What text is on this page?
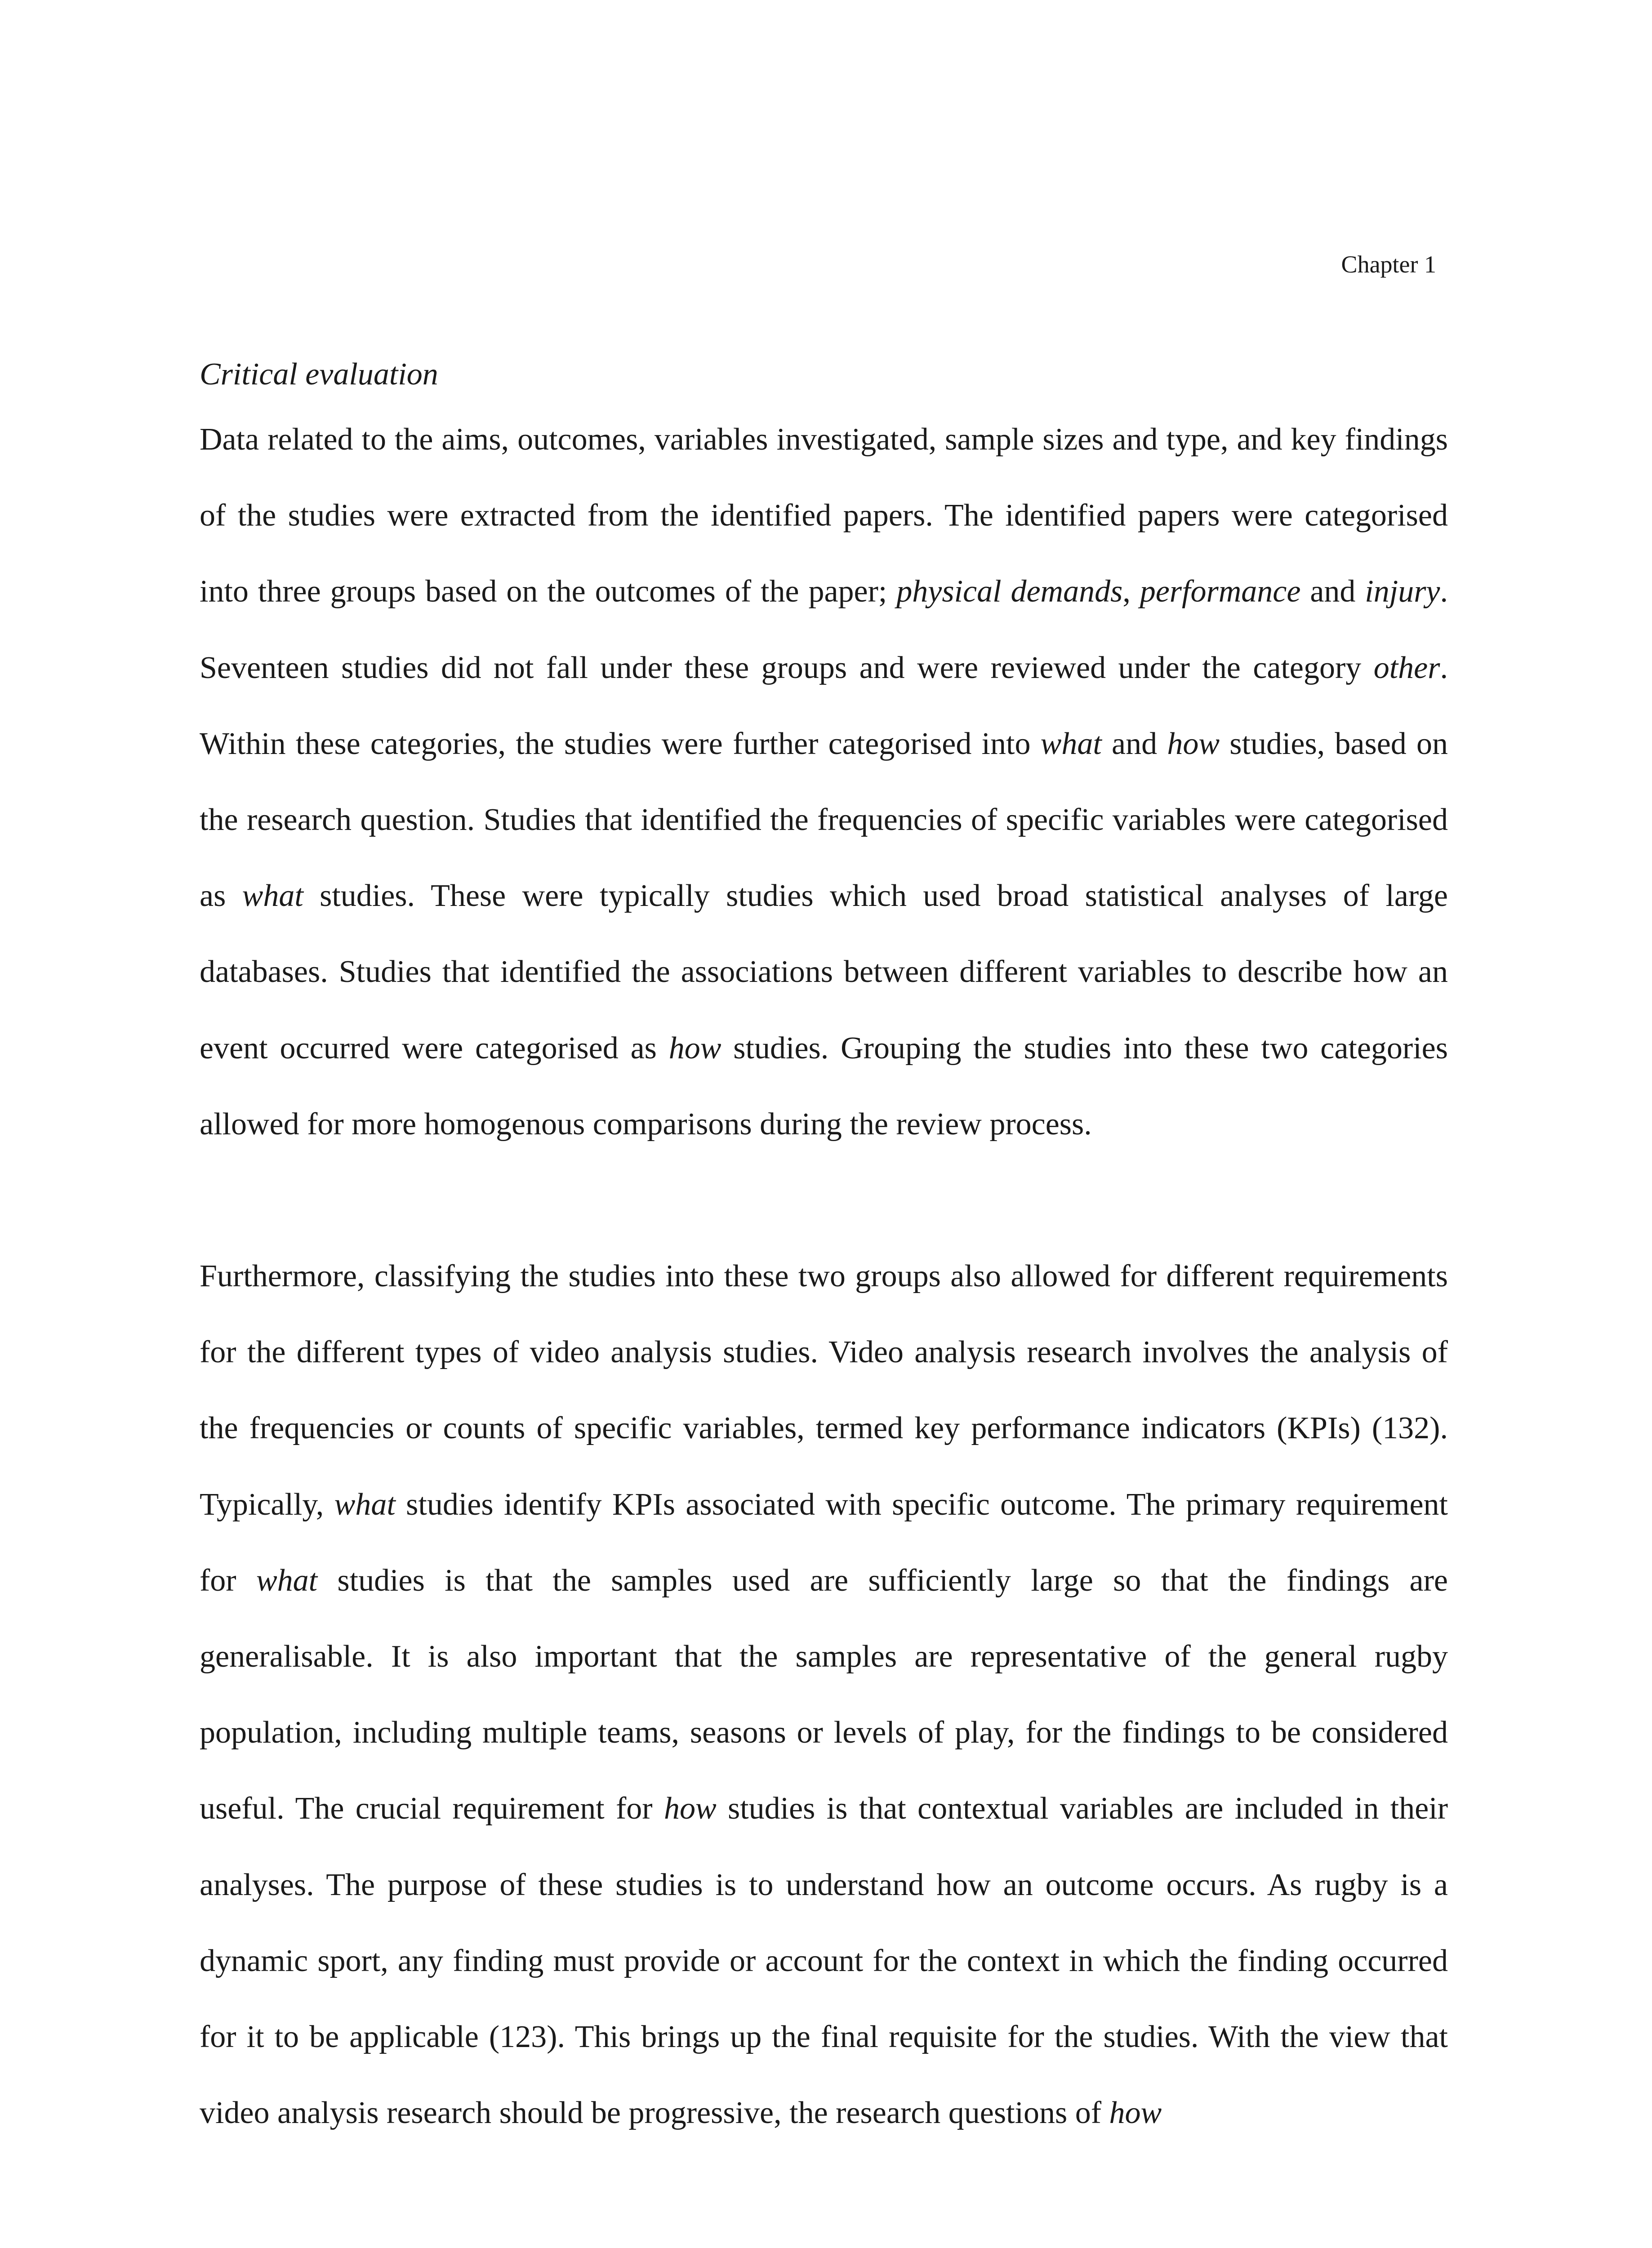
Chapter 1
Critical evaluation

Data related to the aims, outcomes, variables investigated, sample sizes and type, and key findings of the studies were extracted from the identified papers. The identified papers were categorised into three groups based on the outcomes of the paper; physical demands, performance and injury. Seventeen studies did not fall under these groups and were reviewed under the category other. Within these categories, the studies were further categorised into what and how studies, based on the research question. Studies that identified the frequencies of specific variables were categorised as what studies. These were typically studies which used broad statistical analyses of large databases. Studies that identified the associations between different variables to describe how an event occurred were categorised as how studies. Grouping the studies into these two categories allowed for more homogenous comparisons during the review process.

Furthermore, classifying the studies into these two groups also allowed for different requirements for the different types of video analysis studies. Video analysis research involves the analysis of the frequencies or counts of specific variables, termed key performance indicators (KPIs) (132). Typically, what studies identify KPIs associated with specific outcome. The primary requirement for what studies is that the samples used are sufficiently large so that the findings are generalisable. It is also important that the samples are representative of the general rugby population, including multiple teams, seasons or levels of play, for the findings to be considered useful. The crucial requirement for how studies is that contextual variables are included in their analyses. The purpose of these studies is to understand how an outcome occurs. As rugby is a dynamic sport, any finding must provide or account for the context in which the finding occurred for it to be applicable (123). This brings up the final requisite for the studies. With the view that video analysis research should be progressive, the research questions of how
